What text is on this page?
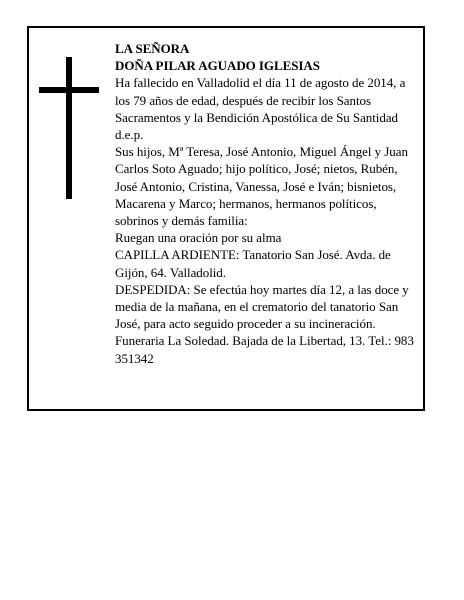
LA SEÑORA

DOÑA PILAR AGUADO IGLESIAS

Ha fallecido en Valladolid el día 11 de agosto de 2014, a los 79 años de edad, después de recibir los Santos Sacramentos y la Bendición Apostólica de Su Santidad d.e.p.

Sus hijos, Mª Teresa, José Antonio, Miguel Ángel y Juan Carlos Soto Aguado; hijo político, José; nietos, Rubén, José Antonio, Cristina, Vanessa, José e Iván; bisnietos, Macarena y Marco; hermanos, hermanos políticos, sobrinos y demás familia:

Ruegan una oración por su alma

CAPILLA ARDIENTE: Tanatorio San José. Avda. de Gijón, 64. Valladolid.

DESPEDIDA: Se efectúa hoy martes día 12, a las doce y media de la mañana, en el crematorio del tanatorio San José, para acto seguido proceder a su incineración.

Funeraria La Soledad. Bajada de la Libertad, 13. Tel.: 983 351342
